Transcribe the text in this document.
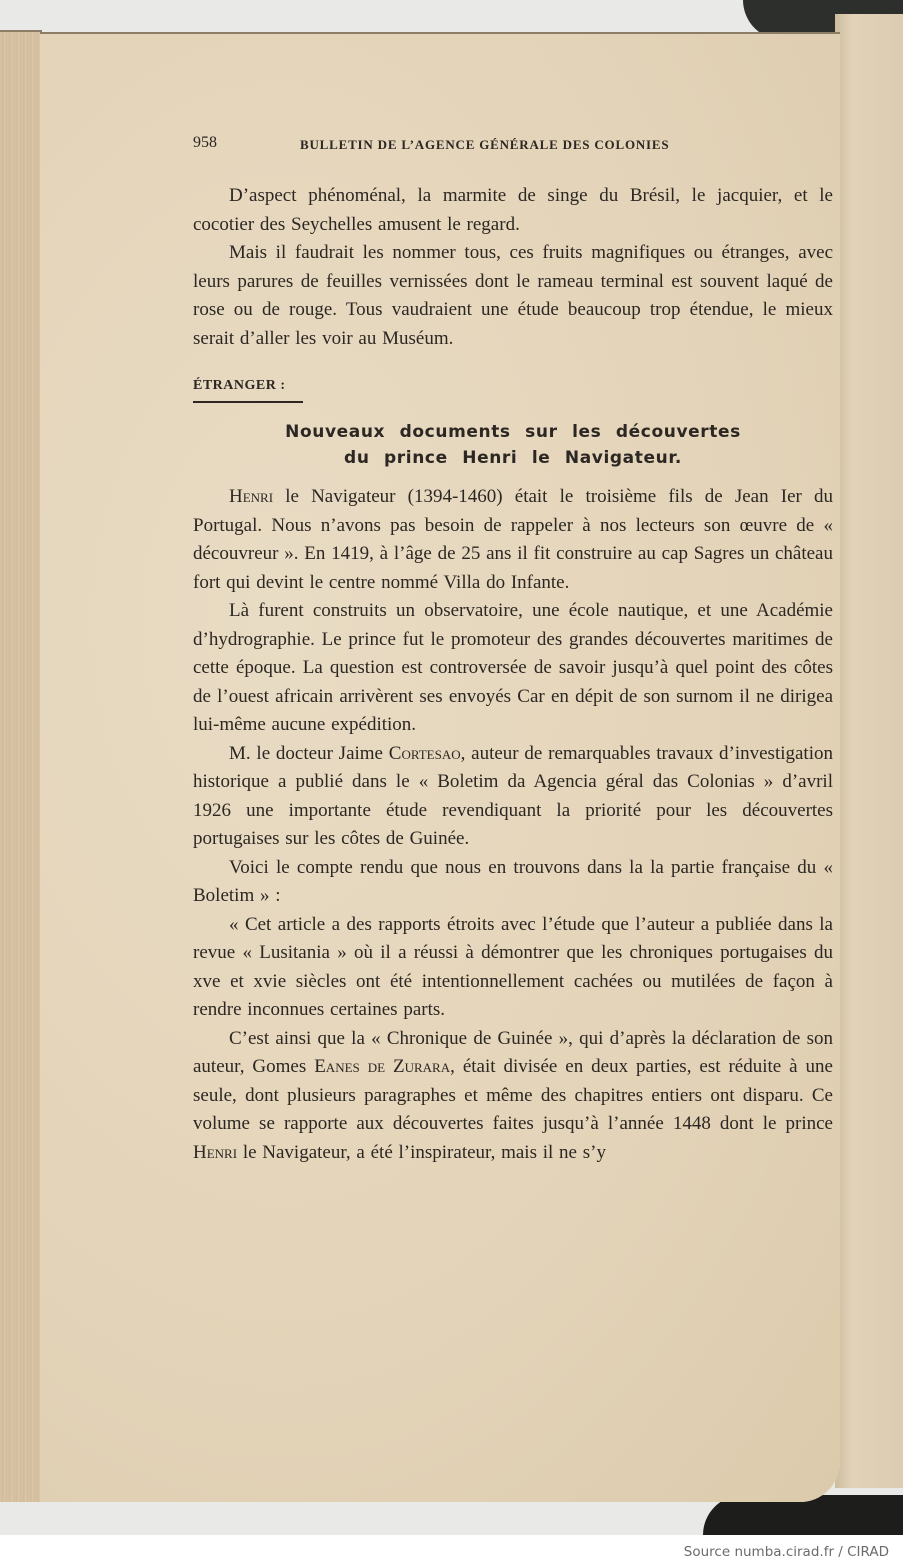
958	BULLETIN DE L’AGENCE GÉNÉRALE DES COLONIES

D’aspect phénoménal, la marmite de singe du Brésil, le jacquier, et le cocotier des Seychelles amusent le regard.

Mais il faudrait les nommer tous, ces fruits magnifiques ou étranges, avec leurs parures de feuilles vernissées dont le rameau terminal est souvent laqué de rose ou de rouge. Tous vaudraient une étude beaucoup trop étendue, le mieux serait d’aller les voir au Muséum.

ÉTRANGER :
Nouveaux documents sur les découvertes
du prince Henri le Navigateur.

Henri le Navigateur (1394-1460) était le troisième fils de Jean Ier du Portugal. Nous n’avons pas besoin de rappeler à nos lecteurs son œuvre de « découvreur ». En 1419, à l’âge de 25 ans il fit construire au cap Sagres un château fort qui devint le centre nommé Villa do Infante.

Là furent construits un observatoire, une école nautique, et une Académie d’hydrographie. Le prince fut le promoteur des grandes découvertes maritimes de cette époque. La question est controversée de savoir jusqu’à quel point des côtes de l’ouest africain arrivèrent ses envoyés Car en dépit de son surnom il ne dirigea lui-même aucune expédition.

M. le docteur Jaime Cortesao, auteur de remarquables travaux d’investigation historique a publié dans le « Boletim da Agencia géral das Colonias » d’avril 1926 une importante étude revendiquant la priorité pour les découvertes portugaises sur les côtes de Guinée.

Voici le compte rendu que nous en trouvons dans la la partie française du « Boletim » :

« Cet article a des rapports étroits avec l’étude que l’auteur a publiée dans la revue « Lusitania » où il a réussi à démontrer que les chroniques portugaises du xve et xvie siècles ont été intentionnellement cachées ou mutilées de façon à rendre inconnues certaines parts.

C’est ainsi que la « Chronique de Guinée », qui d’après la déclaration de son auteur, Gomes Eanes de Zurara, était divisée en deux parties, est réduite à une seule, dont plusieurs paragraphes et même des chapitres entiers ont disparu. Ce volume se rapporte aux découvertes faites jusqu’à l’année 1448 dont le prince Henri le Navigateur, a été l’inspirateur, mais il ne s’y

Source numba.cirad.fr / CIRAD
